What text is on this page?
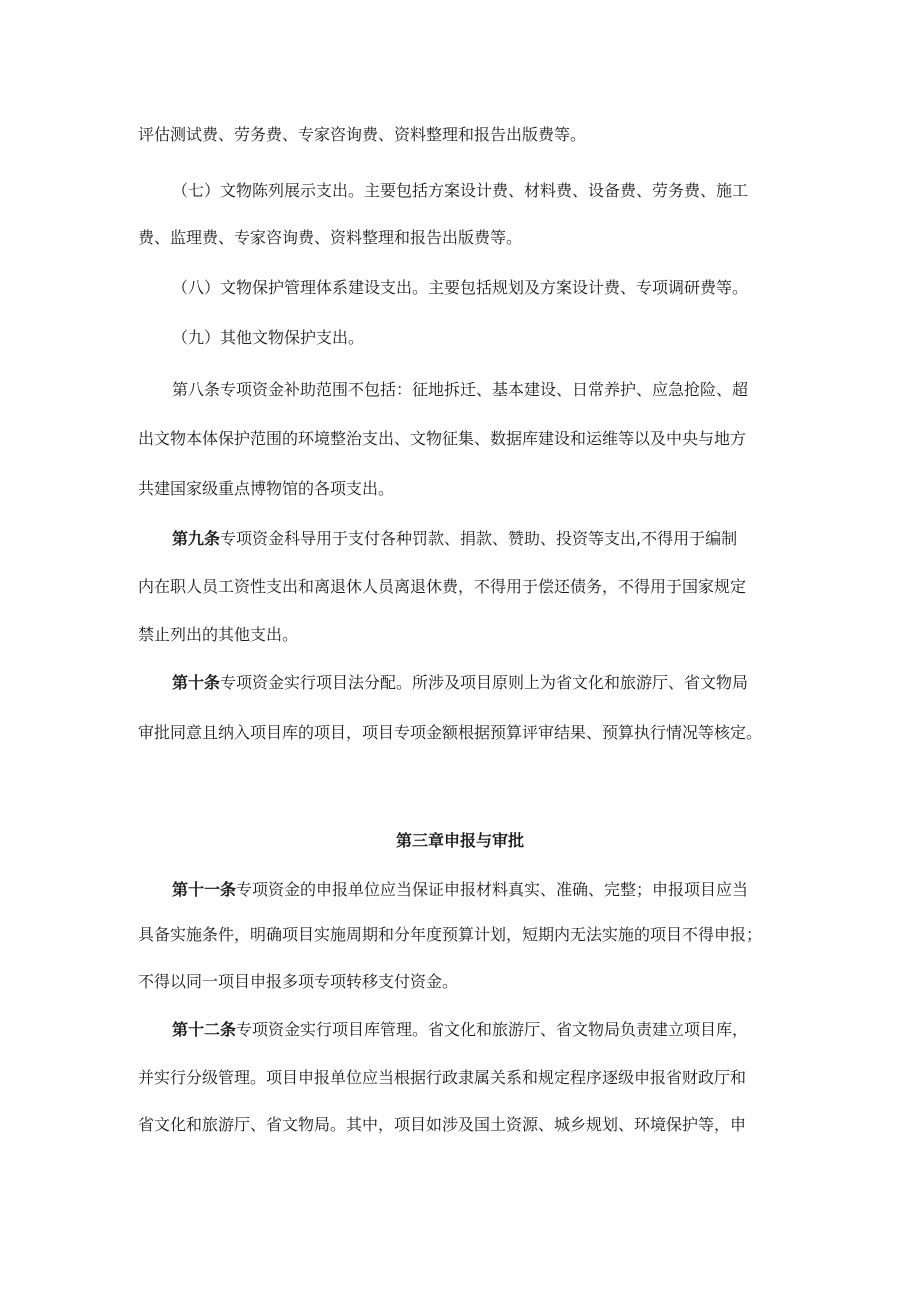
评估测试费、劳务费、专家咨询费、资料整理和报告出版费等。
（七）文物陈列展示支出。主要包括方案设计费、材料费、设备费、劳务费、施工
费、监理费、专家咨询费、资料整理和报告出版费等。
（八）文物保护管理体系建设支出。主要包括规划及方案设计费、专项调研费等。
（九）其他文物保护支出。
第八条专项资金补助范围不包括：征地拆迁、基本建设、日常养护、应急抢险、超
出文物本体保护范围的环境整治支出、文物征集、数据库建设和运维等以及中央与地方
共建国家级重点博物馆的各项支出。
第九条专项资金科导用于支付各种罚款、捐款、赞助、投资等支出,不得用于编制
内在职人员工资性支出和离退休人员离退休费，不得用于偿还债务，不得用于国家规定
禁止列出的其他支出。
第十条专项资金实行项目法分配。所涉及项目原则上为省文化和旅游厅、省文物局
审批同意且纳入项目库的项目，项目专项金额根据预算评审结果、预算执行情况等核定。
第三章申报与审批
第十一条专项资金的申报单位应当保证申报材料真实、准确、完整；申报项目应当
具备实施条件，明确项目实施周期和分年度预算计划，短期内无法实施的项目不得申报；
不得以同一项目申报多项专项转移支付资金。
第十二条专项资金实行项目库管理。省文化和旅游厅、省文物局负责建立项目库，
并实行分级管理。项目申报单位应当根据行政隶属关系和规定程序逐级申报省财政厅和
省文化和旅游厅、省文物局。其中，项目如涉及国土资源、城乡规划、环境保护等，申
